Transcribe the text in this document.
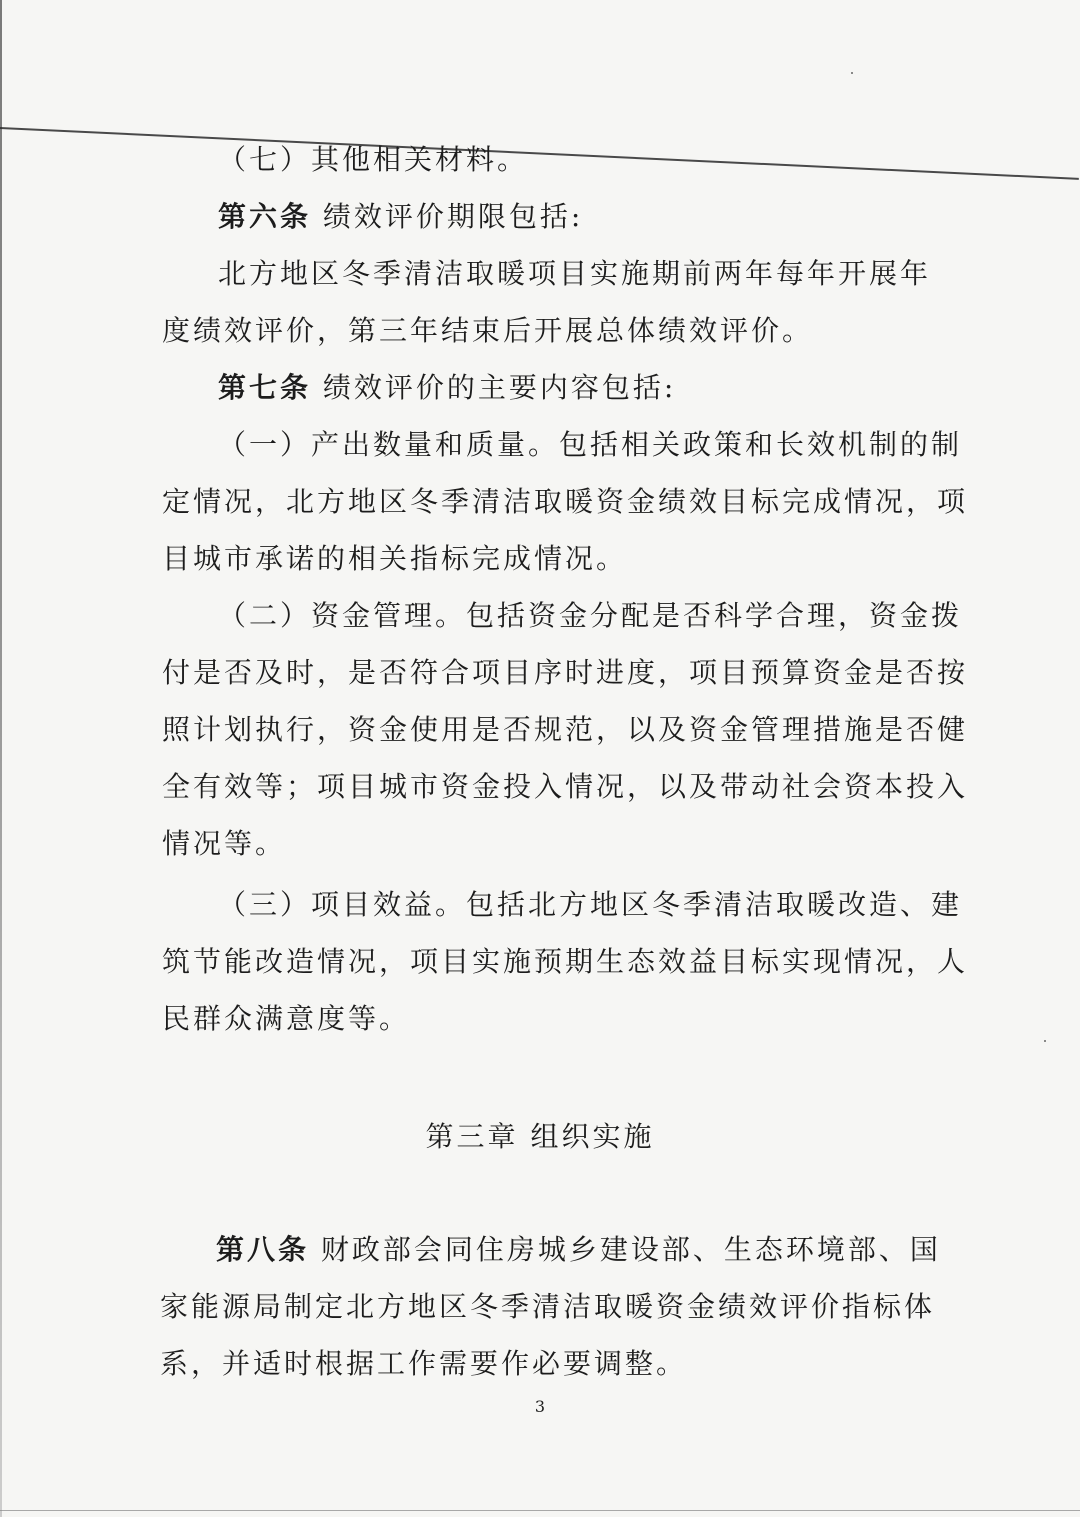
（七）其他相关材料。
第六条 绩效评价期限包括:
北方地区冬季清洁取暖项目实施期前两年每年开展年
度绩效评价，第三年结束后开展总体绩效评价。
第七条 绩效评价的主要内容包括:
（一）产出数量和质量。包括相关政策和长效机制的制
定情况，北方地区冬季清洁取暖资金绩效目标完成情况，项
目城市承诺的相关指标完成情况。
（二）资金管理。包括资金分配是否科学合理，资金拨
付是否及时，是否符合项目序时进度，项目预算资金是否按
照计划执行，资金使用是否规范，以及资金管理措施是否健
全有效等；项目城市资金投入情况，以及带动社会资本投入
情况等。
（三）项目效益。包括北方地区冬季清洁取暖改造、建
筑节能改造情况，项目实施预期生态效益目标实现情况，人
民群众满意度等。
第三章 组织实施
第八条 财政部会同住房城乡建设部、生态环境部、国
家能源局制定北方地区冬季清洁取暖资金绩效评价指标体
系，并适时根据工作需要作必要调整。
3
